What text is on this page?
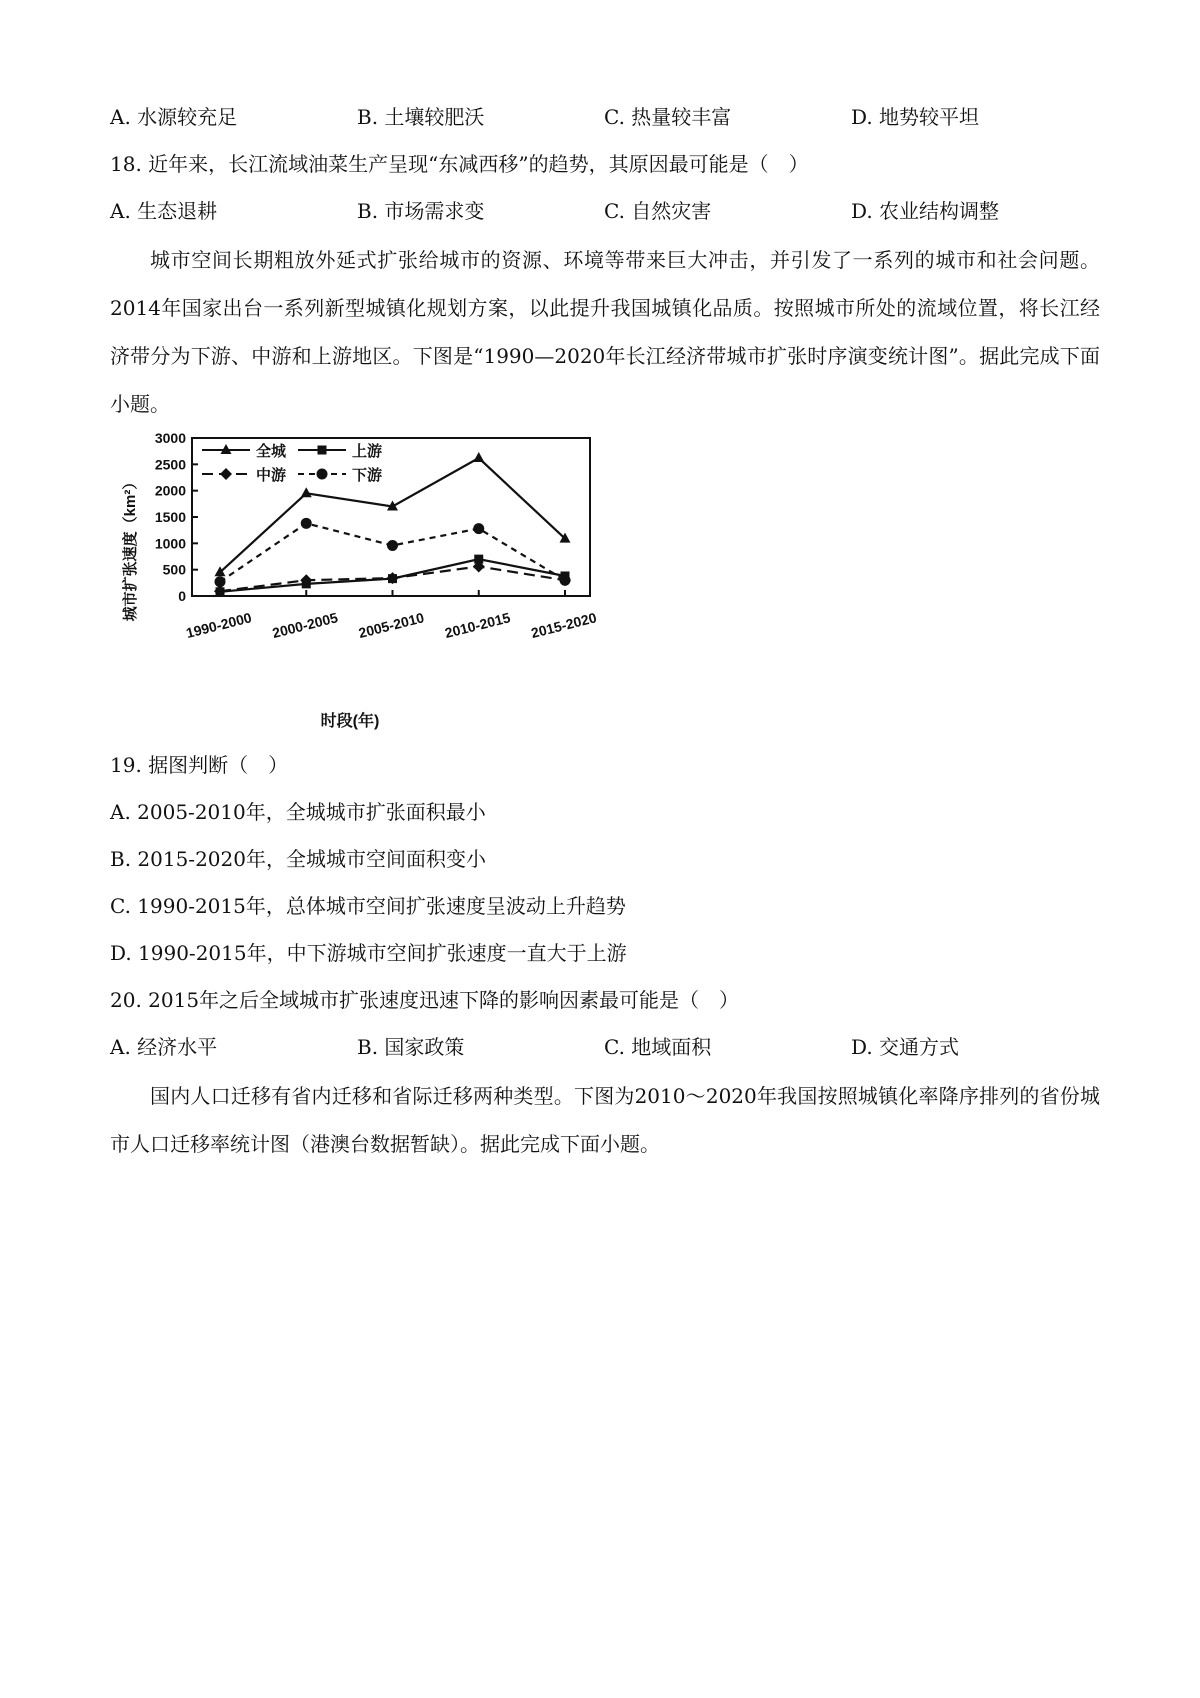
A. 水源较充足	B. 土壤较肥沃	C. 热量较丰富	D. 地势较平坦
18. 近年来，长江流域油菜生产呈现“东减西移”的趋势，其原因最可能是（　）
A. 生态退耕	B. 市场需求变	C. 自然灾害	D. 农业结构调整
城市空间长期粗放外延式扩张给城市的资源、环境等带来巨大冲击，并引发了一系列的城市和社会问题。2014年国家出台一系列新型城镇化规划方案，以此提升我国城镇化品质。按照城市所处的流域位置，将长江经济带分为下游、中游和上游地区。下图是“1990—2020年长江经济带城市扩张时序演变统计图”。据此完成下面小题。
0
500
1000
1500
2000
2500
3000
1990-2000 2000-2005 2005-2010 2010-2015 2015-2020
全城	上游
中游	下游
城市扩张速度（km²）
时段(年)
19. 据图判断（　）
A. 2005-2010年，全城城市扩张面积最小
B. 2015-2020年，全城城市空间面积变小
C. 1990-2015年，总体城市空间扩张速度呈波动上升趋势
D. 1990-2015年，中下游城市空间扩张速度一直大于上游
20. 2015年之后全域城市扩张速度迅速下降的影响因素最可能是（　）
A. 经济水平	B. 国家政策	C. 地域面积	D. 交通方式
国内人口迁移有省内迁移和省际迁移两种类型。下图为2010～2020年我国按照城镇化率降序排列的省份城市人口迁移率统计图（港澳台数据暂缺）。据此完成下面小题。
